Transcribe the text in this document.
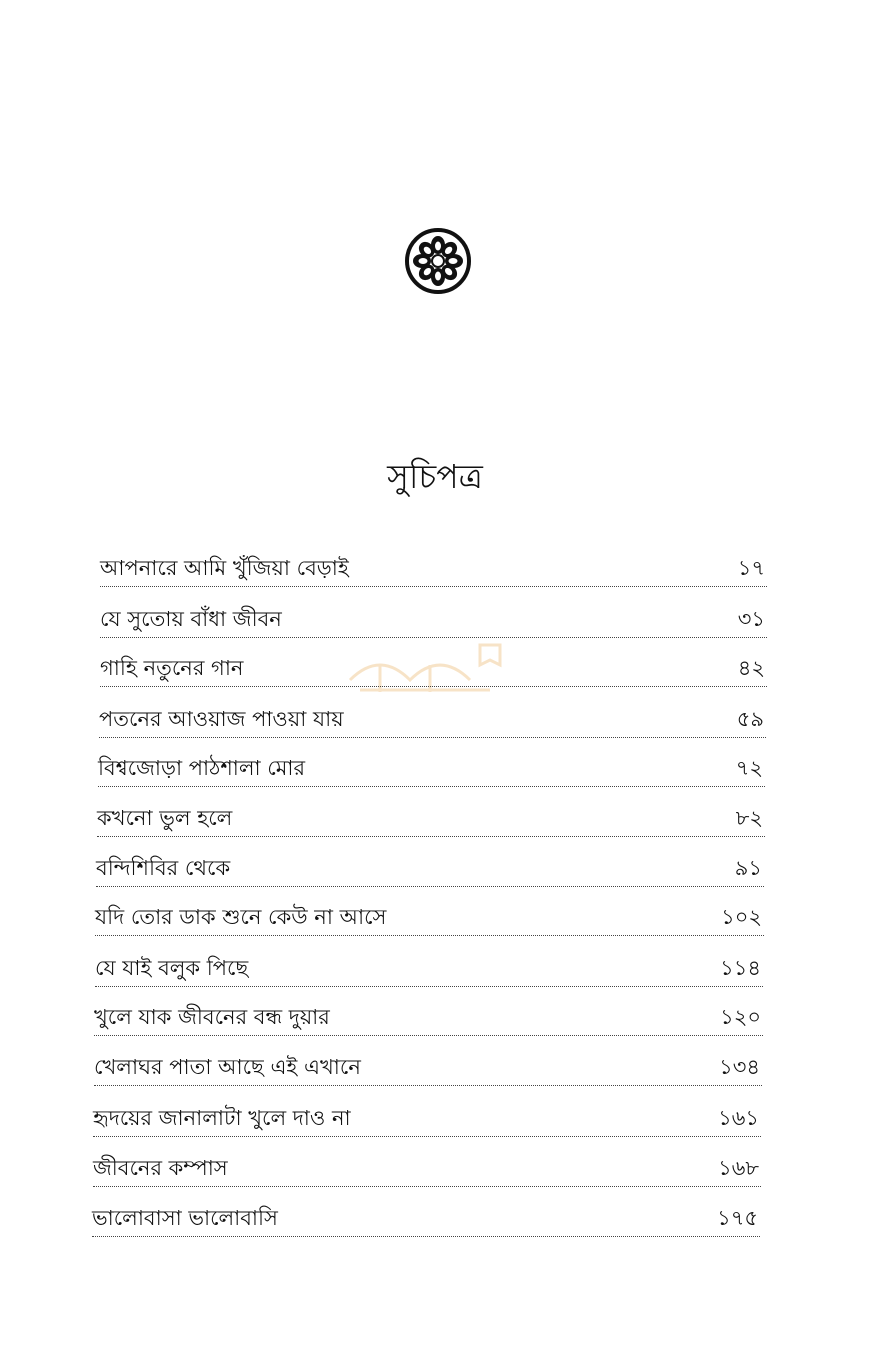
সুচিপত্র
আপনারে আমি খুঁজিয়া বেড়াই	১৭
যে সুতোয় বাঁধা জীবন	৩১
গাহি নতুনের গান	৪২
পতনের আওয়াজ পাওয়া যায়	৫৯
বিশ্বজোড়া পাঠশালা মোর	৭২
কখনো ভুল হলে	৮২
বন্দিশিবির থেকে	৯১
যদি তোর ডাক শুনে কেউ না আসে	১০২
যে যাই বলুক পিছে	১১৪
খুলে যাক জীবনের বন্ধ দুয়ার	১২০
খেলাঘর পাতা আছে এই এখানে	১৩৪
হৃদয়ের জানালাটা খুলে দাও না	১৬১
জীবনের কম্পাস	১৬৮
ভালোবাসা ভালোবাসি	১৭৫
